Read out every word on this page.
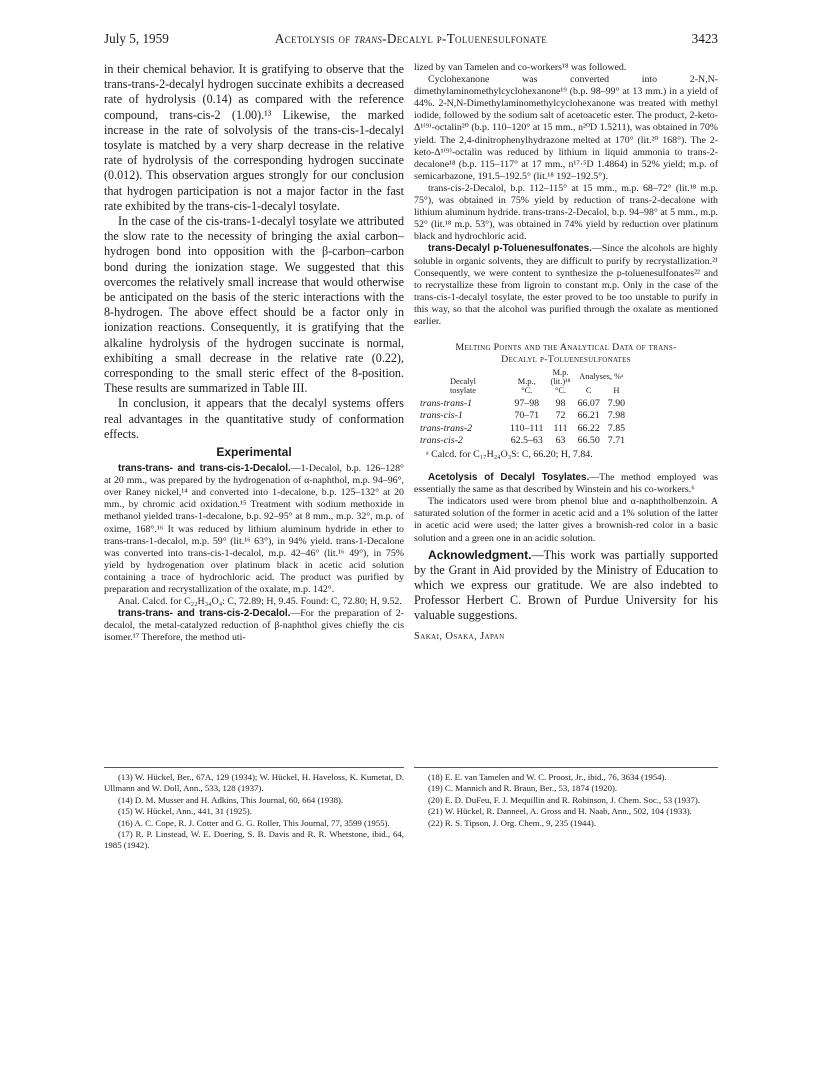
July 5, 1959	Acetolysis of trans-Decalyl p-Toluenesulfonate	3423

in their chemical behavior. It is gratifying to observe that the trans-trans-2-decalyl hydrogen succinate exhibits a decreased rate of hydrolysis (0.14) as compared with the reference compound, trans-cis-2 (1.00).¹³ Likewise, the marked increase in the rate of solvolysis of the trans-cis-1-decalyl tosylate is matched by a very sharp decrease in the relative rate of hydrolysis of the corresponding hydrogen succinate (0.012). This observation argues strongly for our conclusion that hydrogen participation is not a major factor in the fast rate exhibited by the trans-cis-1-decalyl tosylate.

In the case of the cis-trans-1-decalyl tosylate we attributed the slow rate to the necessity of bringing the axial carbon–hydrogen bond into opposition with the β-carbon–carbon bond during the ionization stage. We suggested that this overcomes the relatively small increase that would otherwise be anticipated on the basis of the steric interactions with the 8-hydrogen. The above effect should be a factor only in ionization reactions. Consequently, it is gratifying that the alkaline hydrolysis of the hydrogen succinate is normal, exhibiting a small decrease in the relative rate (0.22), corresponding to the small steric effect of the 8-position. These results are summarized in Table III.

In conclusion, it appears that the decalyl systems offers real advantages in the quantitative study of conformation effects.

Experimental

trans-trans- and trans-cis-1-Decalol.—1-Decalol, b.p. 126–128° at 20 mm., was prepared by the hydrogenation of α-naphthol, m.p. 94–96°, over Raney nickel,¹⁴ and converted into 1-decalone, b.p. 125–132° at 20 mm., by chromic acid oxidation.¹⁵ Treatment with sodium methoxide in methanol yielded trans-1-decalone, b.p. 92–95° at 8 mm., m.p. 32°, m.p. of oxime, 168°.¹⁶ It was reduced by lithium aluminum hydride in ether to trans-trans-1-decalol, m.p. 59° (lit.¹⁶ 63°), in 94% yield. trans-1-Decalone was converted into trans-cis-1-decalol, m.p. 42–46° (lit.¹⁶ 49°), in 75% yield by hydrogenation over platinum black in acetic acid solution containing a trace of hydrochloric acid. The product was purified by preparation and recrystallization of the oxalate, m.p. 142°.

Anal. Calcd. for C₂₂H₃₄O₄: C, 72.89; H, 9.45. Found: C, 72.80; H, 9.52.

trans-trans- and trans-cis-2-Decalol.—For the preparation of 2-decalol, the metal-catalyzed reduction of β-naphthol gives chiefly the cis isomer.¹⁷ Therefore, the method uti-

lized by van Tamelen and co-workers¹⁸ was followed.

Cyclohexanone was converted into 2-N,N-dimethylaminomethylcyclohexanone¹⁹ (b.p. 98–99° at 13 mm.) in a yield of 44%. 2-N,N-Dimethylaminomethylcyclohexanone was treated with methyl iodide, followed by the sodium salt of acetoacetic ester. The product, 2-keto-Δ¹⁽⁹⁾-octalin²⁰ (b.p. 110–120° at 15 mm., n²⁰D 1.5211), was obtained in 70% yield. The 2,4-dinitrophenylhydrazone melted at 170° (lit.²⁰ 168°). The 2-keto-Δ¹⁽⁹⁾-octalin was reduced by lithium in liquid ammonia to trans-2-decalone¹⁸ (b.p. 115–117° at 17 mm., n¹⁷·⁵D 1.4864) in 52% yield; m.p. of semicarbazone, 191.5–192.5° (lit.¹⁸ 192–192.5°).

trans-cis-2-Decalol, b.p. 112–115° at 15 mm., m.p. 68–72° (lit.¹⁸ m.p. 75°), was obtained in 75% yield by reduction of trans-2-decalone with lithium aluminum hydride. trans-trans-2-Decalol, b.p. 94–98° at 5 mm., m.p. 52° (lit.¹⁸ m.p. 53°), was obtained in 74% yield by reduction over platinum black and hydrochloric acid.

trans-Decalyl p-Toluenesulfonates.—Since the alcohols are highly soluble in organic solvents, they are difficult to purify by recrystallization.²¹ Consequently, we were content to synthesize the p-toluenesulfonates²² and to recrystallize these from ligroin to constant m.p. Only in the case of the trans-cis-1-decalyl tosylate, the ester proved to be too unstable to purify in this way, so that the alcohol was purified through the oxalate as mentioned earlier.

Melting Points and the Analytical Data of trans-
Decalyl p-Toluenesulfonates
Decalyl
tosylate	M.p.,
°C.	M.p.
(lit.)¹⁸
°C.	Analyses, %ᵃ	
			C	H
trans-trans-1	97–98	98	66.07	7.90
trans-cis-1	70–71	72	66.21	7.98
trans-trans-2	110–111	111	66.22	7.85
trans-cis-2	62.5–63	63	66.50	7.71
ᵃ Calcd. for C₁₇H₂₄O₃S: C, 66.20; H, 7.84.

Acetolysis of Decalyl Tosylates.—The method employed was essentially the same as that described by Winstein and his co-workers.⁶

The indicators used were brom phenol blue and α-naphtholbenzoin. A saturated solution of the former in acetic acid and a 1% solution of the latter in acetic acid were used; the latter gives a brownish-red color in a basic solution and a green one in an acidic solution.

Acknowledgment.—This work was partially supported by the Grant in Aid provided by the Ministry of Education to which we express our gratitude. We are also indebted to Professor Herbert C. Brown of Purdue University for his valuable suggestions.

Sakai, Osaka, Japan
(13) W. Hückel, Ber., 67A, 129 (1934); W. Hückel, H. Haveloss, K. Kumetat, D. Ullmann and W. Doll, Ann., 533, 128 (1937).
(14) D. M. Musser and H. Adkins, This Journal, 60, 664 (1938).
(15) W. Hückel, Ann., 441, 31 (1925).
(16) A. C. Cope, R. J. Cotter and G. G. Roller, This Journal, 77, 3599 (1955).
(17) R. P. Linstead, W. E. Doering, S. B. Davis and R. R. Whetstone, ibid., 64, 1985 (1942).
(18) E. E. van Tamelen and W. C. Proost, Jr., ibid., 76, 3634 (1954).
(19) C. Mannich and R. Braun, Ber., 53, 1874 (1920).
(20) E. D. DuFeu, F. J. Mequillin and R. Robinson, J. Chem. Soc., 53 (1937).
(21) W. Hückel, R. Danneel, A. Gross and H. Naab, Ann., 502, 104 (1933).
(22) R. S. Tipson, J. Org. Chem., 9, 235 (1944).
